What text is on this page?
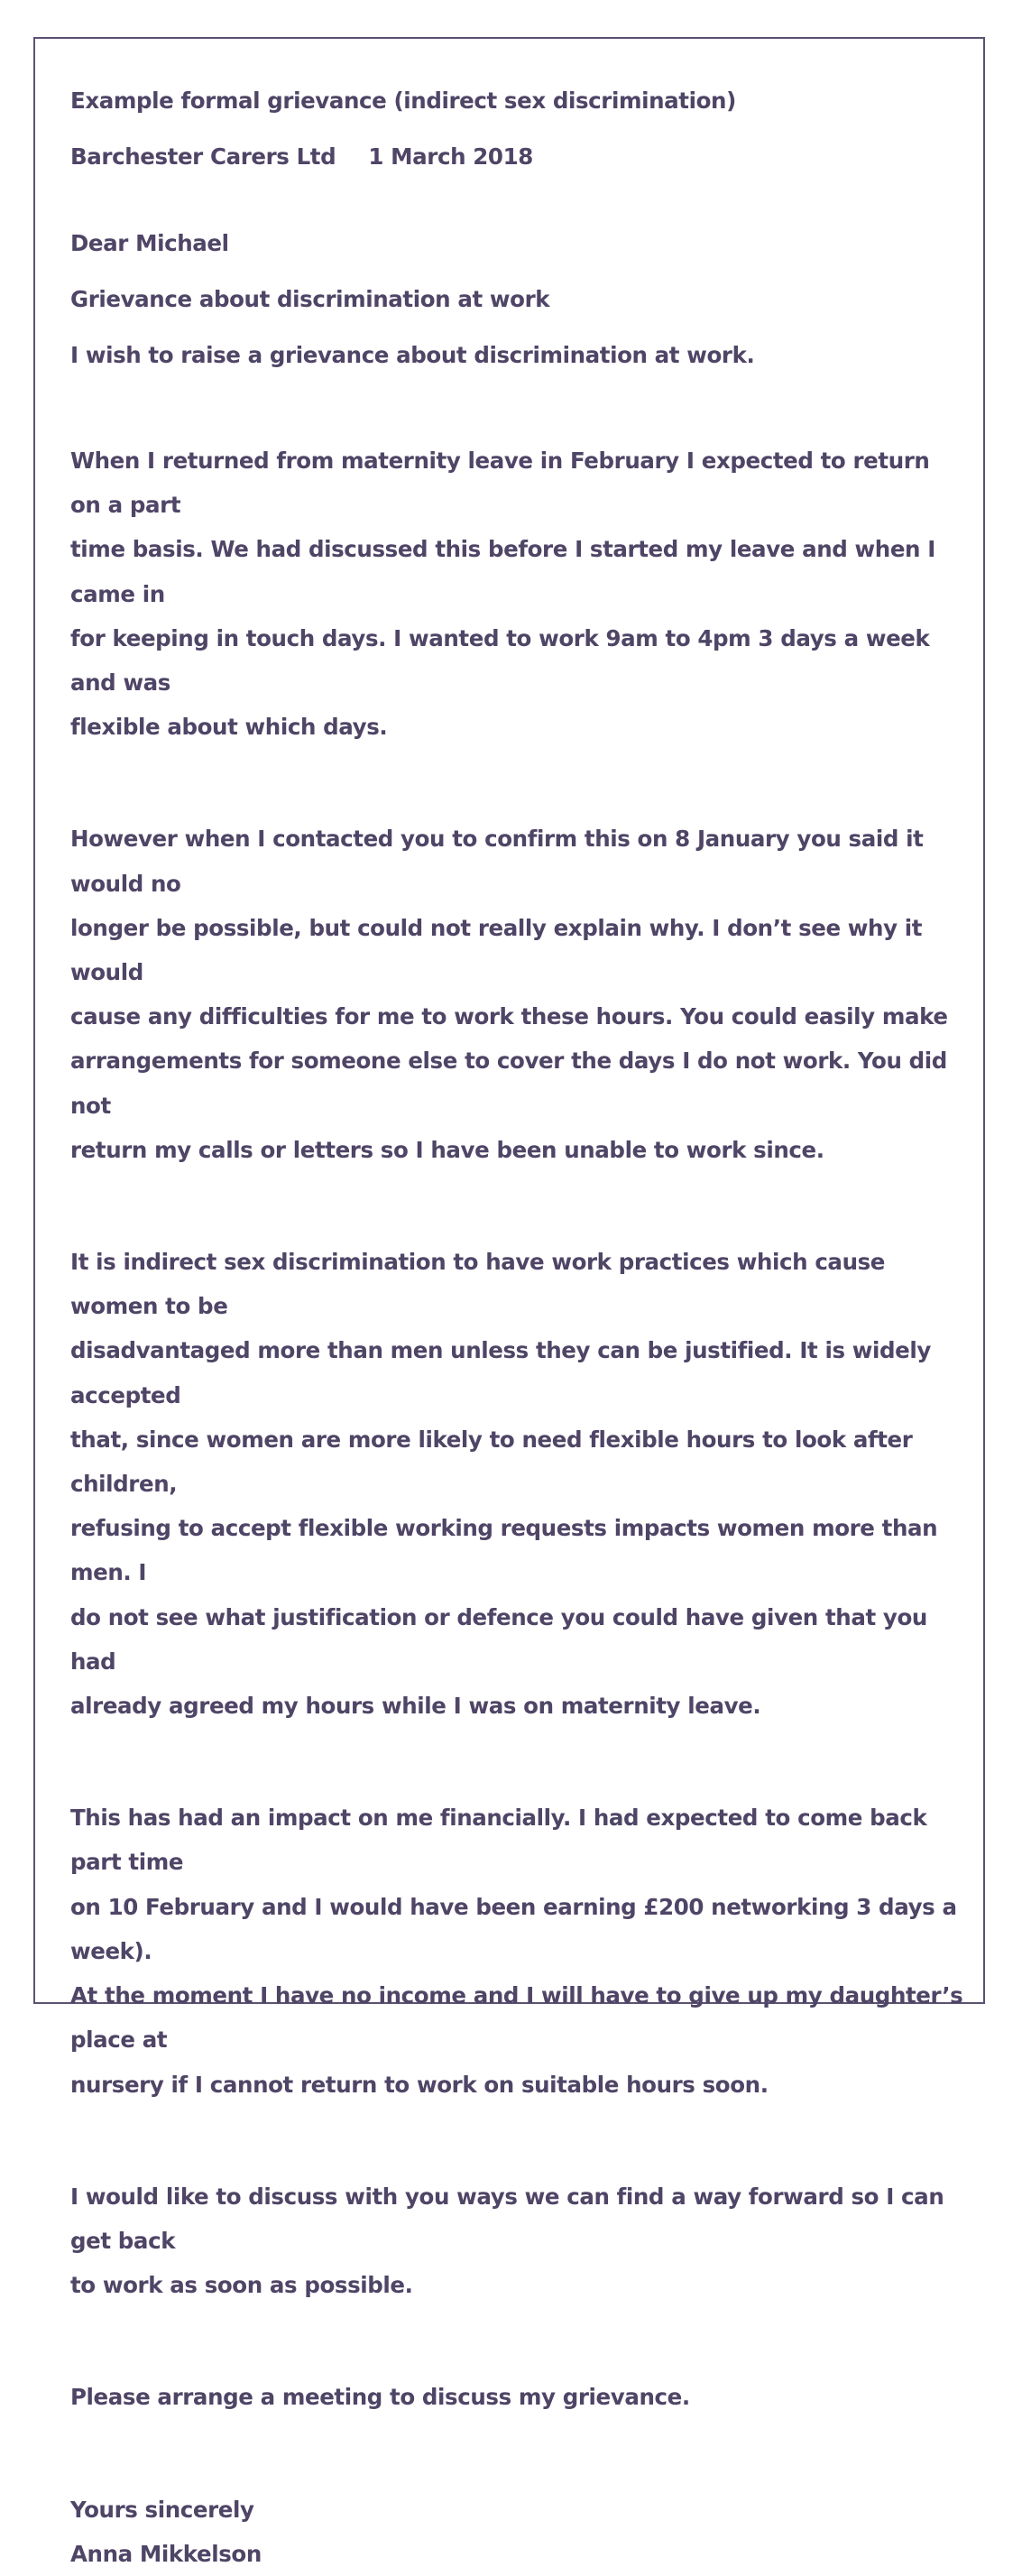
Example formal grievance (indirect sex discrimination)

Barchester Carers Ltd 1 March 2018

Dear Michael

Grievance about discrimination at work

I wish to raise a grievance about discrimination at work.

When I returned from maternity leave in February I expected to return on a part
time basis. We had discussed this before I started my leave and when I came in
for keeping in touch days. I wanted to work 9am to 4pm 3 days a week and was
flexible about which days.
However when I contacted you to confirm this on 8 January you said it would no
longer be possible, but could not really explain why. I don’t see why it would
cause any difficulties for me to work these hours. You could easily make
arrangements for someone else to cover the days I do not work. You did not
return my calls or letters so I have been unable to work since.
It is indirect sex discrimination to have work practices which cause women to be
disadvantaged more than men unless they can be justified. It is widely accepted
that, since women are more likely to need flexible hours to look after children,
refusing to accept flexible working requests impacts women more than men. I
do not see what justification or defence you could have given that you had
already agreed my hours while I was on maternity leave.
This has had an impact on me financially. I had expected to come back part time
on 10 February and I would have been earning £200 networking 3 days a week).
At the moment I have no income and I will have to give up my daughter’s place at
nursery if I cannot return to work on suitable hours soon.
I would like to discuss with you ways we can find a way forward so I can get back
to work as soon as possible.
Please arrange a meeting to discuss my grievance.

Yours sincerely

Anna Mikkelson
